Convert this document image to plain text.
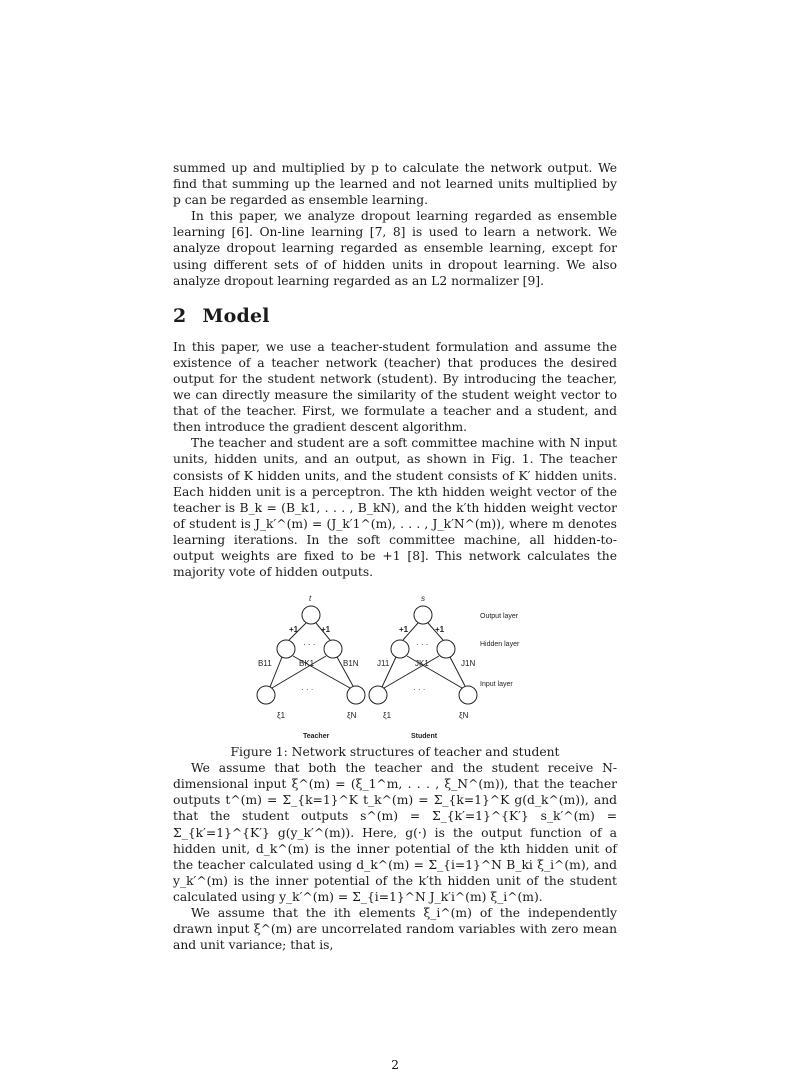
summed up and multiplied by p to calculate the network output. We find that summing up the learned and not learned units multiplied by p can be regarded as ensemble learning.

In this paper, we analyze dropout learning regarded as ensemble learning [6]. On-line learning [7, 8] is used to learn a network. We analyze dropout learning regarded as ensemble learning, except for using different sets of of hidden units in dropout learning. We also analyze dropout learning regarded as an L2 normalizer [9].

2 Model

In this paper, we use a teacher-student formulation and assume the existence of a teacher network (teacher) that produces the desired output for the student network (student). By introducing the teacher, we can directly measure the similarity of the student weight vector to that of the teacher. First, we formulate a teacher and a student, and then introduce the gradient descent algorithm.

The teacher and student are a soft committee machine with N input units, hidden units, and an output, as shown in Fig. 1. The teacher consists of K hidden units, and the student consists of K′ hidden units. Each hidden unit is a perceptron. The kth hidden weight vector of the teacher is B_k = (B_k1, . . . , B_kN), and the k′th hidden weight vector of student is J_k′^(m) = (J_k′1^(m), . . . , J_k′N^(m)), where m denotes learning iterations. In the soft committee machine, all hidden-to-output weights are fixed to be +1 [8]. This network calculates the majority vote of hidden outputs.

t
+1	+1
· · ·
· · ·
B11	BK1	B1N
ξ1	ξN
Teacher
s
+1	+1
· · ·
· · ·
J11	JK1	J1N
ξ1	ξN
Student
Output layer
Hidden layer
Input layer
Figure 1: Network structures of teacher and student

We assume that both the teacher and the student receive N-dimensional input ξ^(m) = (ξ_1^m, . . . , ξ_N^(m)), that the teacher outputs t^(m) = Σ_{k=1}^K t_k^(m) = Σ_{k=1}^K g(d_k^(m)), and that the student outputs s^(m) = Σ_{k′=1}^{K′} s_k′^(m) = Σ_{k′=1}^{K′} g(y_k′^(m)). Here, g(·) is the output function of a hidden unit, d_k^(m) is the inner potential of the kth hidden unit of the teacher calculated using d_k^(m) = Σ_{i=1}^N B_ki ξ_i^(m), and y_k′^(m) is the inner potential of the k′th hidden unit of the student calculated using y_k′^(m) = Σ_{i=1}^N J_k′i^(m) ξ_i^(m).

We assume that the ith elements ξ_i^(m) of the independently drawn input ξ^(m) are uncorrelated random variables with zero mean and unit variance; that is,

2
